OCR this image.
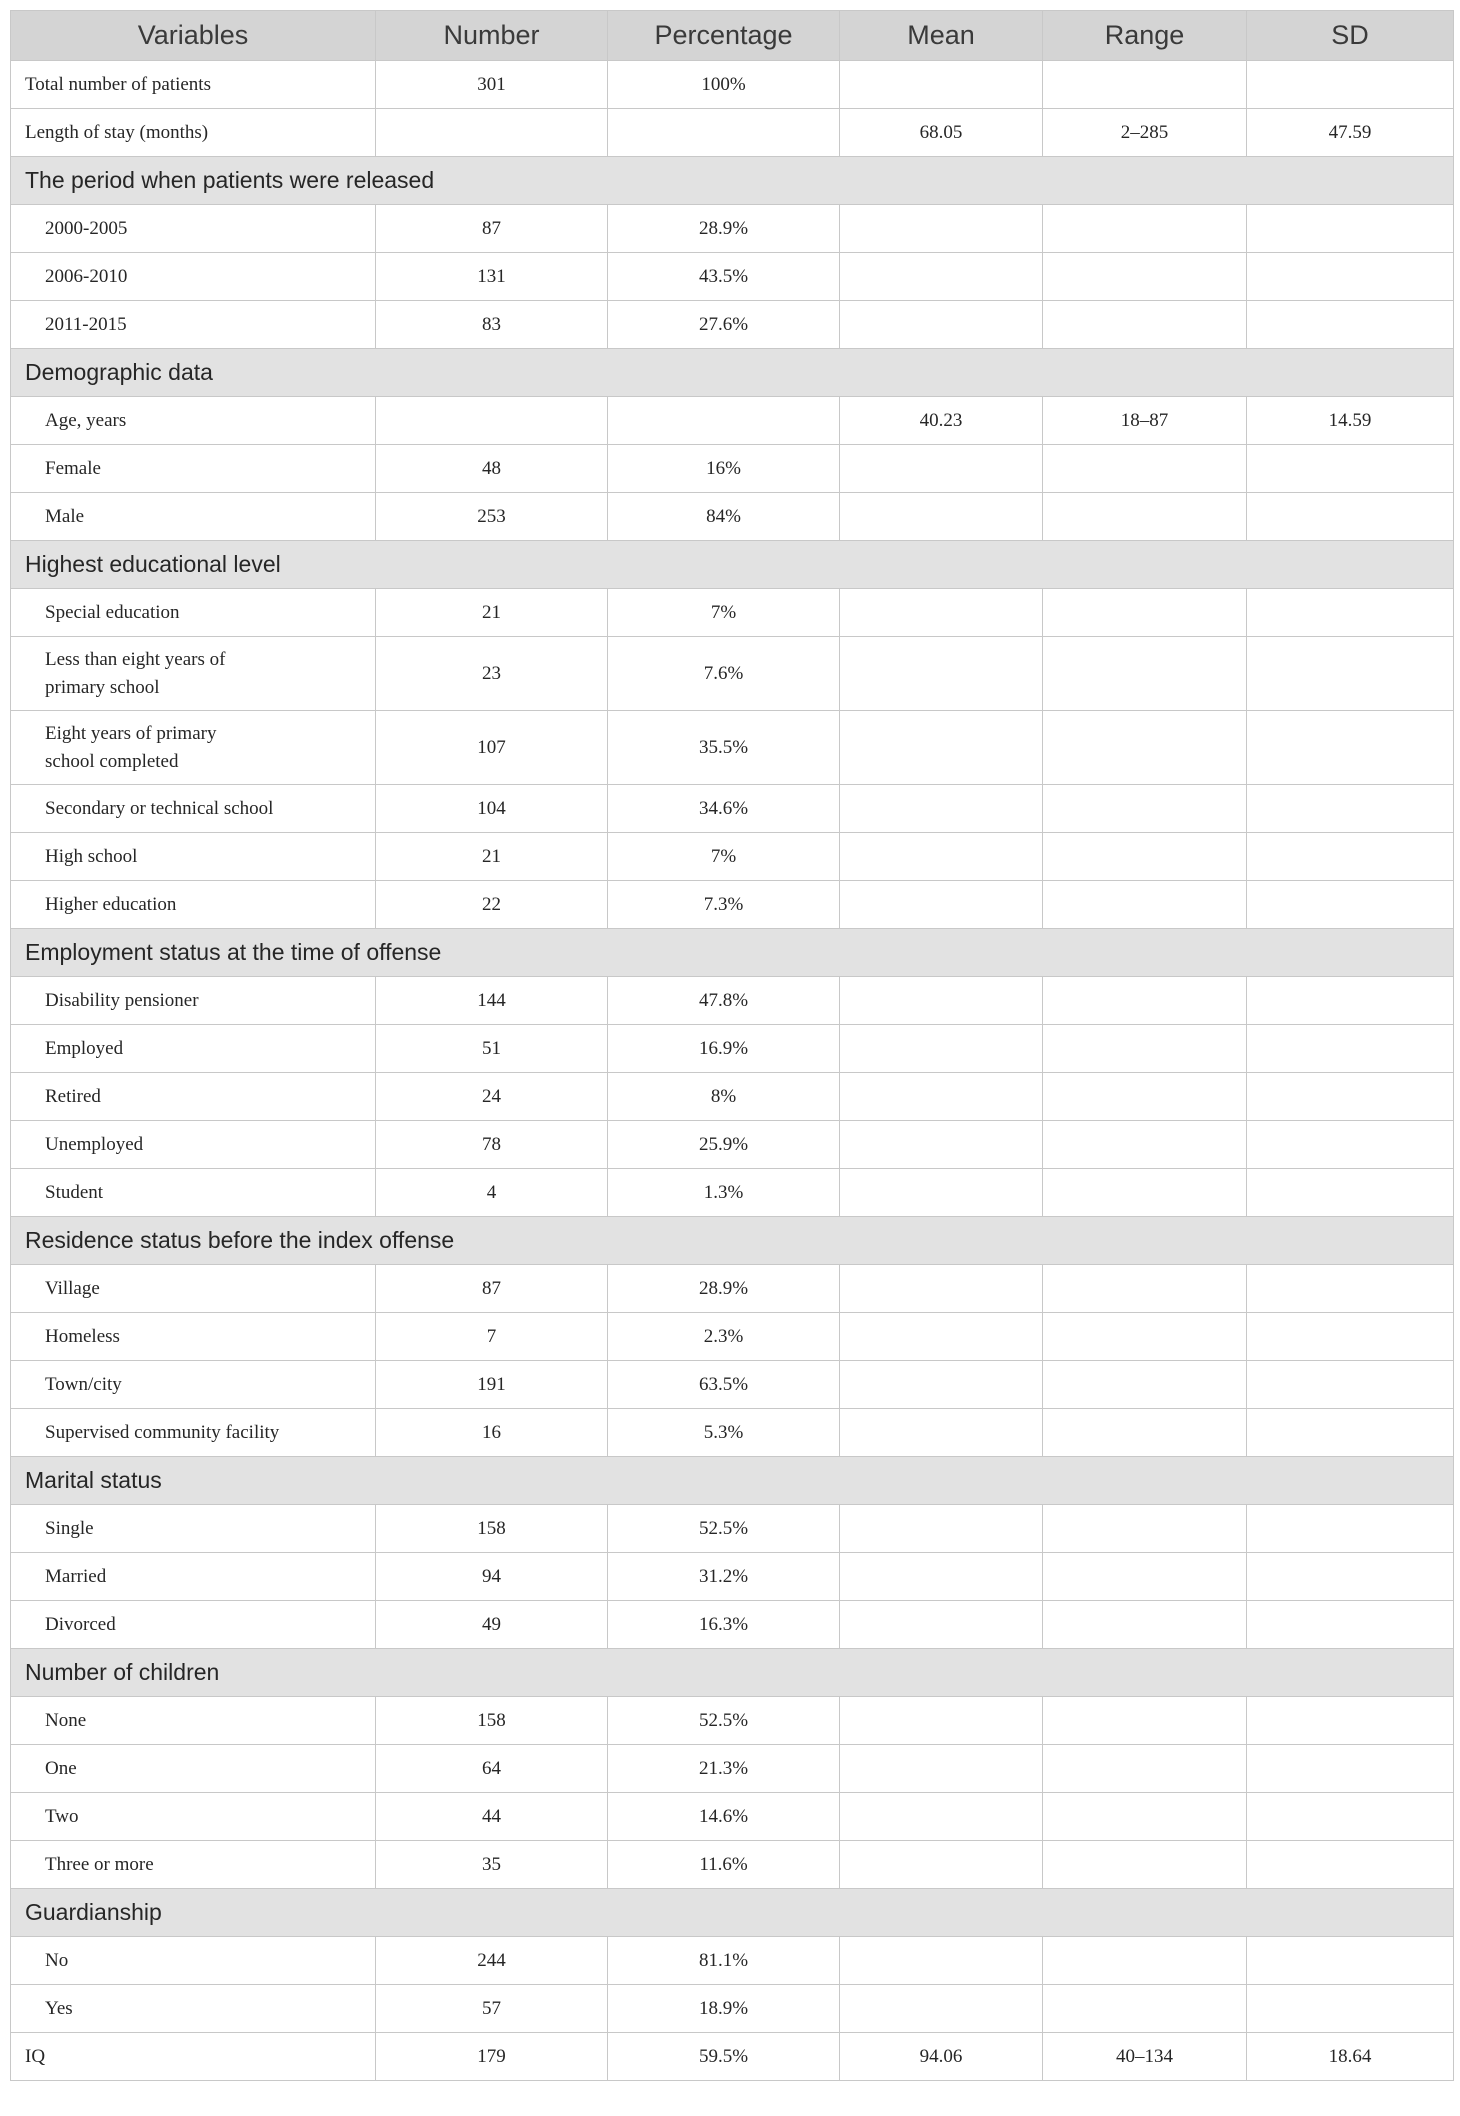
Variables	Number	Percentage	Mean	Range	SD
Total number of patients	301	100%			
Length of stay (months)			68.05	2–285	47.59
The period when patients were released					
2000-2005	87	28.9%			
2006-2010	131	43.5%			
2011-2015	83	27.6%			
Demographic data					
Age, years			40.23	18–87	14.59
Female	48	16%			
Male	253	84%			
Highest educational level					
Special education	21	7%			
Less than eight years of primary school	23	7.6%			
Eight years of primary school completed	107	35.5%			
Secondary or technical school	104	34.6%			
High school	21	7%			
Higher education	22	7.3%			
Employment status at the time of offense					
Disability pensioner	144	47.8%			
Employed	51	16.9%			
Retired	24	8%			
Unemployed	78	25.9%			
Student	4	1.3%			
Residence status before the index offense					
Village	87	28.9%			
Homeless	7	2.3%			
Town/city	191	63.5%			
Supervised community facility	16	5.3%			
Marital status					
Single	158	52.5%			
Married	94	31.2%			
Divorced	49	16.3%			
Number of children					
None	158	52.5%			
One	64	21.3%			
Two	44	14.6%			
Three or more	35	11.6%			
Guardianship					
No	244	81.1%			
Yes	57	18.9%			
IQ	179	59.5%	94.06	40–134	18.64
